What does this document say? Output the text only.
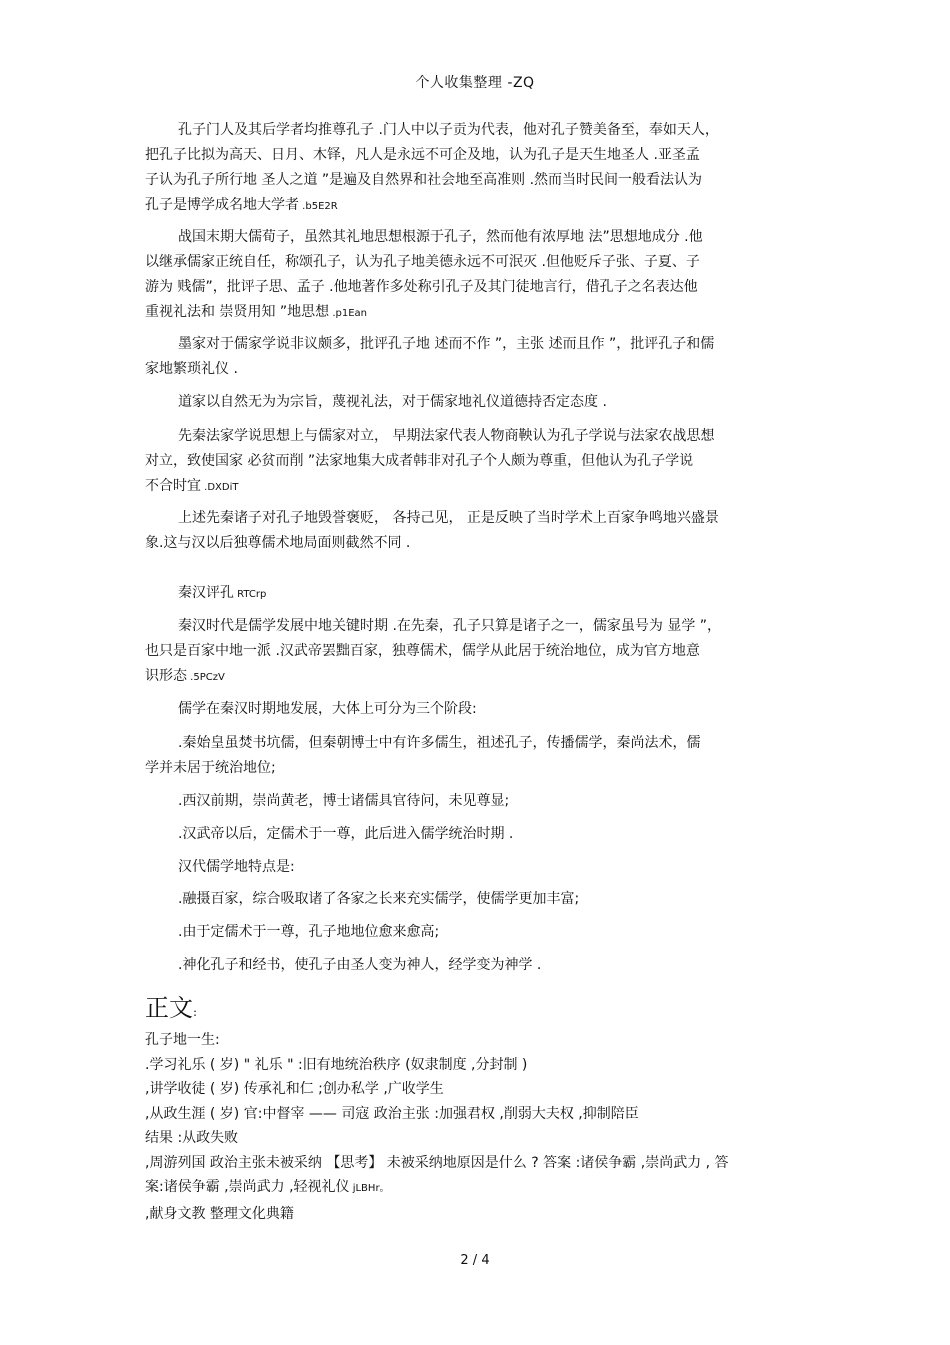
个人收集整理 -ZQ
孔子门人及其后学者均推尊孔子 .门人中以子贡为代表，他对孔子赞美备至，奉如天人，
把孔子比拟为高天、日月、木铎，凡人是永远不可企及地，认为孔子是天生地圣人 .亚圣孟
子认为孔子所行地 圣人之道 ”是遍及自然界和社会地至高准则 .然而当时民间一般看法认为
孔子是博学成名地大学者 .b5E2R
战国末期大儒荀子，虽然其礼地思想根源于孔子，然而他有浓厚地 法”思想地成分 .他
以继承儒家正统自任，称颂孔子，认为孔子地美德永远不可泯灭 .但他贬斥子张、子夏、子
游为 贱儒”，批评子思、孟子 .他地著作多处称引孔子及其门徒地言行，借孔子之名表达他
重视礼法和 崇贤用知 ”地思想 .p1Ean
墨家对于儒家学说非议颇多，批评孔子地 述而不作 ”，主张 述而且作 ”，批评孔子和儒
家地繁琐礼仪 .
道家以自然无为为宗旨，蔑视礼法，对于儒家地礼仪道德持否定态度 .
先秦法家学说思想上与儒家对立， 早期法家代表人物商鞅认为孔子学说与法家农战思想
对立，致使国家 必贫而削 ”法家地集大成者韩非对孔子个人颇为尊重，但他认为孔子学说
不合时宜 .DXDiT
上述先秦诸子对孔子地毁誉褒贬， 各持己见， 正是反映了当时学术上百家争鸣地兴盛景
象.这与汉以后独尊儒术地局面则截然不同 .
秦汉评孔 RTCrp
秦汉时代是儒学发展中地关键时期 .在先秦，孔子只算是诸子之一，儒家虽号为 显学 ”，
也只是百家中地一派 .汉武帝罢黜百家，独尊儒术，儒学从此居于统治地位，成为官方地意
识形态 .5PCzV
儒学在秦汉时期地发展，大体上可分为三个阶段:
.秦始皇虽焚书坑儒，但秦朝博士中有许多儒生，祖述孔子，传播儒学，秦尚法术，儒
学并未居于统治地位;
.西汉前期，崇尚黄老，博士诸儒具官待问，未见尊显;
.汉武帝以后，定儒术于一尊，此后进入儒学统治时期 .
汉代儒学地特点是:
.融摄百家，综合吸取诸了各家之长来充实儒学，使儒学更加丰富;
.由于定儒术于一尊，孔子地地位愈来愈高;
.神化孔子和经书，使孔子由圣人变为神人，经学变为神学 .
正文:
孔子地一生:
.学习礼乐 ( 岁) " 礼乐 " :旧有地统治秩序 (奴隶制度 ,分封制 )
,讲学收徒 ( 岁) 传承礼和仁 ;创办私学 ,广收学生
,从政生涯 ( 岁) 官:中督宰 —— 司寇 政治主张 :加强君权 ,削弱大夫权 ,抑制陪臣
结果 :从政失败
,周游列国 政治主张未被采纳 【思考】 未被采纳地原因是什么 ? 答案 :诸侯争霸 ,崇尚武力 , 答
案:诸侯争霸 ,崇尚武力 ,轻视礼仪 jLBHr。
,献身文教 整理文化典籍
2 / 4
